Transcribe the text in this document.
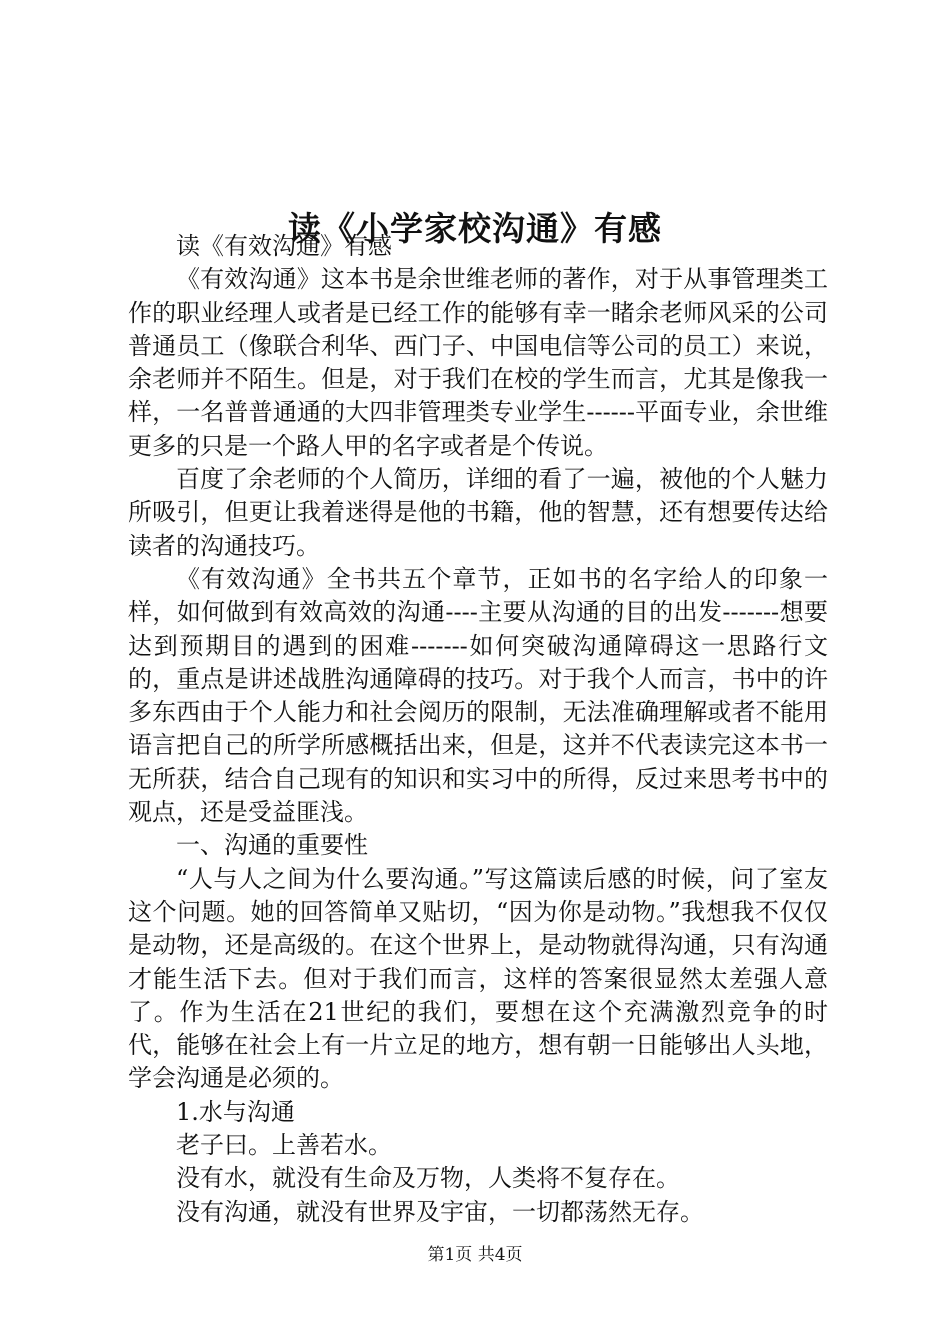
读《小学家校沟通》有感

读《有效沟通》有感

《有效沟通》这本书是余世维老师的著作，对于从事管理类工作的职业经理人或者是已经工作的能够有幸一睹余老师风采的公司普通员工（像联合利华、西门子、中国电信等公司的员工）来说，余老师并不陌生。但是，对于我们在校的学生而言，尤其是像我一样，一名普普通通的大四非管理类专业学生------平面专业，余世维更多的只是一个路人甲的名字或者是个传说。

百度了余老师的个人简历，详细的看了一遍，被他的个人魅力所吸引，但更让我着迷得是他的书籍，他的智慧，还有想要传达给读者的沟通技巧。

《有效沟通》全书共五个章节，正如书的名字给人的印象一样，如何做到有效高效的沟通----主要从沟通的目的出发-------想要达到预期目的遇到的困难-------如何突破沟通障碍这一思路行文的，重点是讲述战胜沟通障碍的技巧。对于我个人而言，书中的许多东西由于个人能力和社会阅历的限制，无法准确理解或者不能用语言把自己的所学所感概括出来，但是，这并不代表读完这本书一无所获，结合自己现有的知识和实习中的所得，反过来思考书中的观点，还是受益匪浅。

一、沟通的重要性

“人与人之间为什么要沟通。”写这篇读后感的时候，问了室友这个问题。她的回答简单又贴切，“因为你是动物。”我想我不仅仅是动物，还是高级的。在这个世界上，是动物就得沟通，只有沟通才能生活下去。但对于我们而言，这样的答案很显然太差强人意了。作为生活在21世纪的我们，要想在这个充满激烈竞争的时代，能够在社会上有一片立足的地方，想有朝一日能够出人头地，学会沟通是必须的。

1.水与沟通

老子曰。上善若水。

没有水，就没有生命及万物，人类将不复存在。

没有沟通，就没有世界及宇宙，一切都荡然无存。

第1页 共4页
